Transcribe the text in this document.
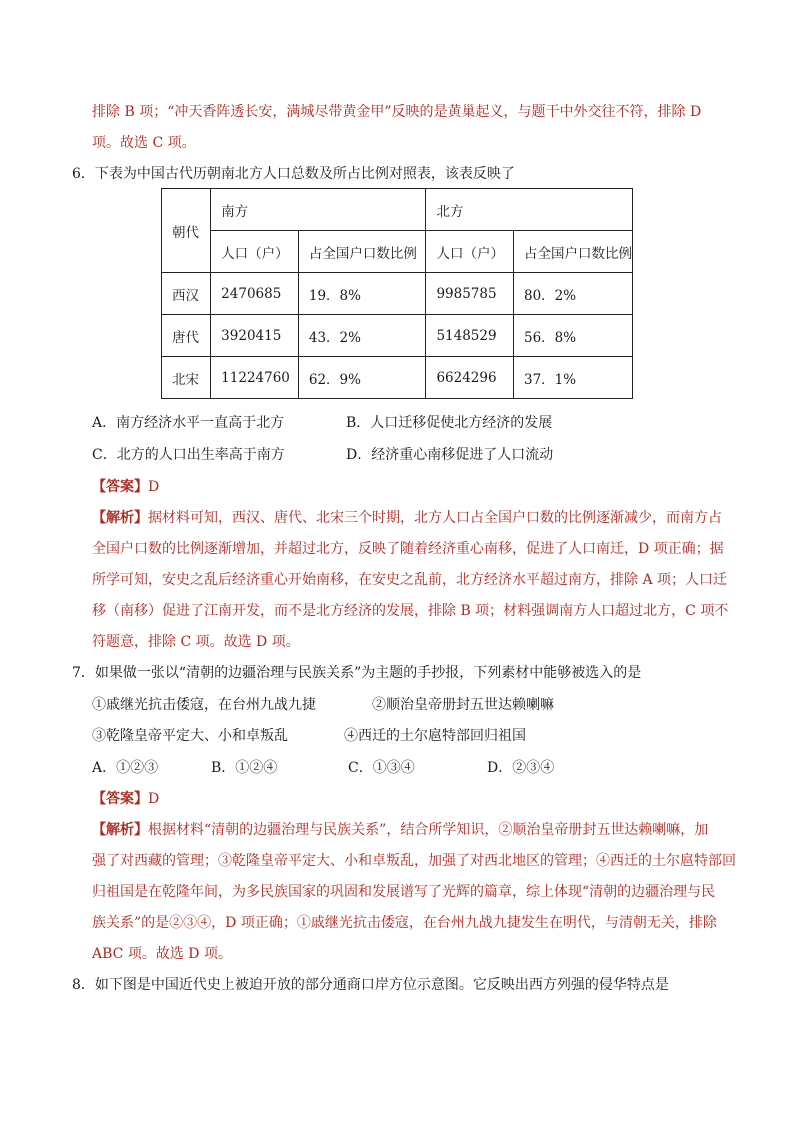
排除 B 项；“冲天香阵透长安，满城尽带黄金甲”反映的是黄巢起义，与题干中外交往不符，排除 D
项。故选 C 项。
6．下表为中国古代历朝南北方人口总数及所占比例对照表，该表反映了
朝代	南方		北方	
	人口（户）	占全国户口数比例	人口（户）	占全国户口数比例
西汉	2470685	19．8%	9985785	80．2%
唐代	3920415	43．2%	5148529	56．8%
北宋	11224760	62．9%	6624296	37．1%
A．南方经济水平一直高于北方	B．人口迁移促使北方经济的发展
C．北方的人口出生率高于南方	D．经济重心南移促进了人口流动
【答案】D
【解析】据材料可知，西汉、唐代、北宋三个时期，北方人口占全国户口数的比例逐渐减少，而南方占
全国户口数的比例逐渐增加，并超过北方，反映了随着经济重心南移，促进了人口南迁，D 项正确；据
所学可知，安史之乱后经济重心开始南移，在安史之乱前，北方经济水平超过南方，排除 A 项；人口迁
移（南移）促进了江南开发，而不是北方经济的发展，排除 B 项；材料强调南方人口超过北方，C 项不
符题意，排除 C 项。故选 D 项。
7．如果做一张以“清朝的边疆治理与民族关系”为主题的手抄报，下列素材中能够被选入的是
①戚继光抗击倭寇，在台州九战九捷	②顺治皇帝册封五世达赖喇嘛
③乾隆皇帝平定大、小和卓叛乱	④西迁的土尔扈特部回归祖国
A．①②③	B．①②④	C．①③④	D．②③④
【答案】D
【解析】根据材料“清朝的边疆治理与民族关系”，结合所学知识，②顺治皇帝册封五世达赖喇嘛，加
强了对西藏的管理；③乾隆皇帝平定大、小和卓叛乱，加强了对西北地区的管理；④西迁的土尔扈特部回
归祖国是在乾隆年间，为多民族国家的巩固和发展谱写了光辉的篇章，综上体现“清朝的边疆治理与民
族关系”的是②③④，D 项正确；①戚继光抗击倭寇，在台州九战九捷发生在明代，与清朝无关，排除
ABC 项。故选 D 项。
8．如下图是中国近代史上被迫开放的部分通商口岸方位示意图。它反映出西方列强的侵华特点是
